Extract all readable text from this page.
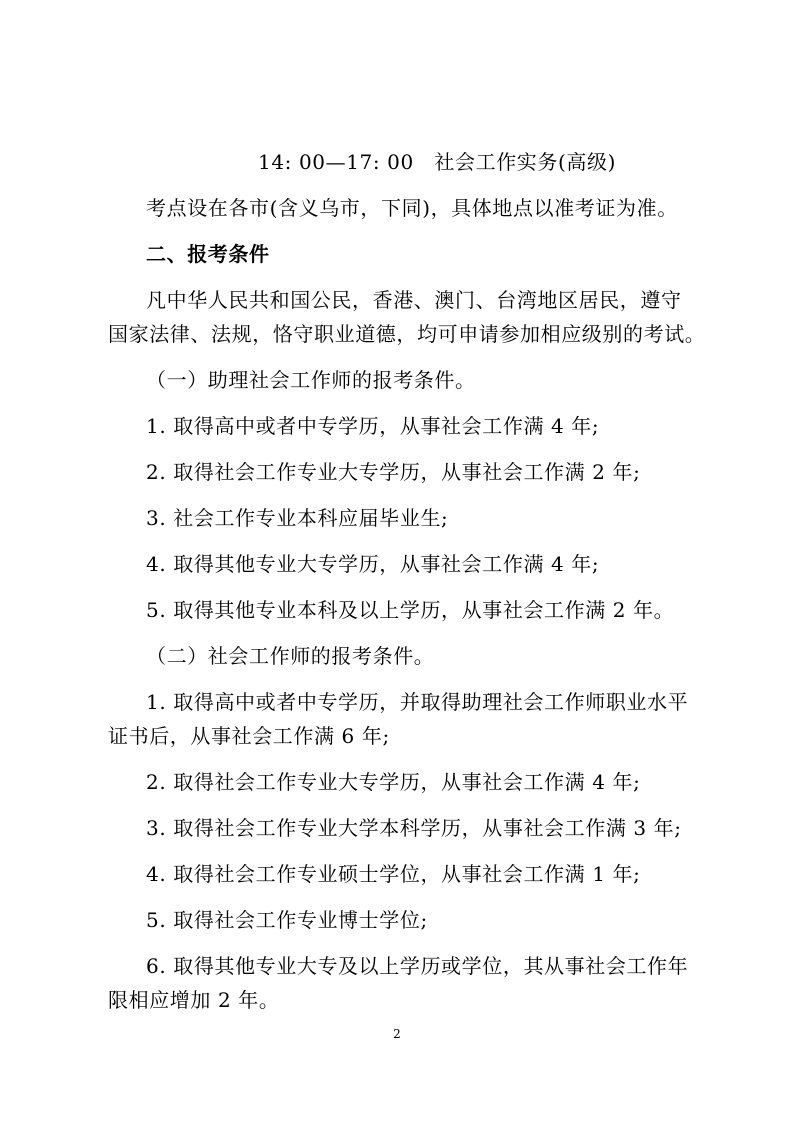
14: 00—17: 00　社会工作实务(高级)
考点设在各市(含义乌市，下同)，具体地点以准考证为准。
二、报考条件
凡中华人民共和国公民，香港、澳门、台湾地区居民，遵守
国家法律、法规，恪守职业道德，均可申请参加相应级别的考试。
（一）助理社会工作师的报考条件。
1. 取得高中或者中专学历，从事社会工作满 4 年;
2. 取得社会工作专业大专学历，从事社会工作满 2 年;
3. 社会工作专业本科应届毕业生;
4. 取得其他专业大专学历，从事社会工作满 4 年;
5. 取得其他专业本科及以上学历，从事社会工作满 2 年。
（二）社会工作师的报考条件。
1. 取得高中或者中专学历，并取得助理社会工作师职业水平
证书后，从事社会工作满 6 年;
2. 取得社会工作专业大专学历，从事社会工作满 4 年;
3. 取得社会工作专业大学本科学历，从事社会工作满 3 年;
4. 取得社会工作专业硕士学位，从事社会工作满 1 年;
5. 取得社会工作专业博士学位;
6. 取得其他专业大专及以上学历或学位，其从事社会工作年
限相应增加 2 年。
2
